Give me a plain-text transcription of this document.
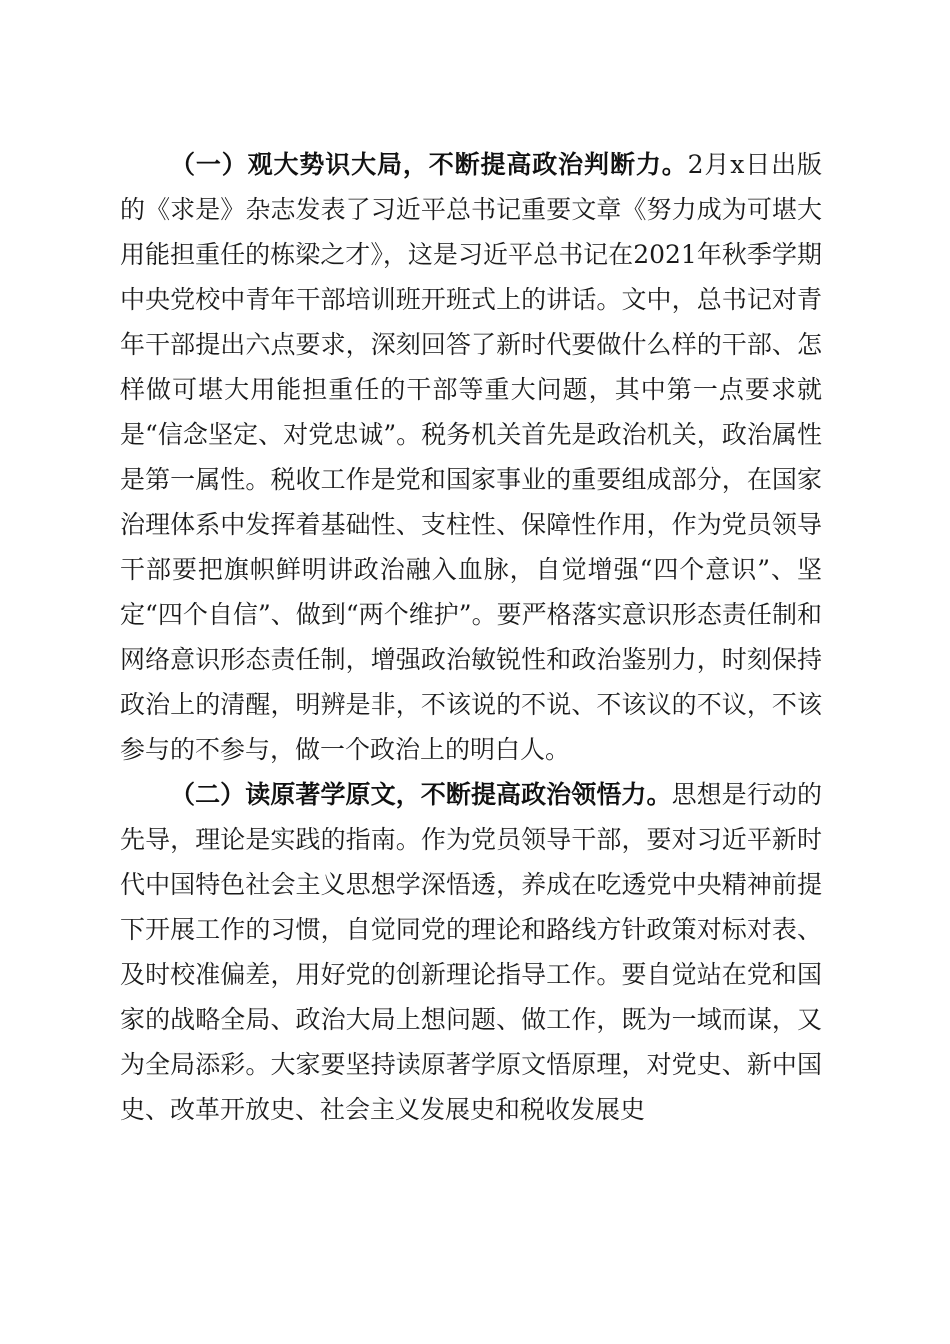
（一）观大势识大局，不断提高政治判断力。2月x日出版的《求是》杂志发表了习近平总书记重要文章《努力成为可堪大用能担重任的栋梁之才》，这是习近平总书记在2021年秋季学期中央党校中青年干部培训班开班式上的讲话。文中，总书记对青年干部提出六点要求，深刻回答了新时代要做什么样的干部、怎样做可堪大用能担重任的干部等重大问题，其中第一点要求就是“信念坚定、对党忠诚”。税务机关首先是政治机关，政治属性是第一属性。税收工作是党和国家事业的重要组成部分，在国家治理体系中发挥着基础性、支柱性、保障性作用，作为党员领导干部要把旗帜鲜明讲政治融入血脉，自觉增强“四个意识”、坚定“四个自信”、做到“两个维护”。要严格落实意识形态责任制和网络意识形态责任制，增强政治敏锐性和政治鉴别力，时刻保持政治上的清醒，明辨是非，不该说的不说、不该议的不议，不该参与的不参与，做一个政治上的明白人。

（二）读原著学原文，不断提高政治领悟力。思想是行动的先导，理论是实践的指南。作为党员领导干部，要对习近平新时代中国特色社会主义思想学深悟透，养成在吃透党中央精神前提下开展工作的习惯，自觉同党的理论和路线方针政策对标对表、及时校准偏差，用好党的创新理论指导工作。要自觉站在党和国家的战略全局、政治大局上想问题、做工作，既为一域而谋，又为全局添彩。大家要坚持读原著学原文悟原理，对党史、新中国史、改革开放史、社会主义发展史和税收发展史
